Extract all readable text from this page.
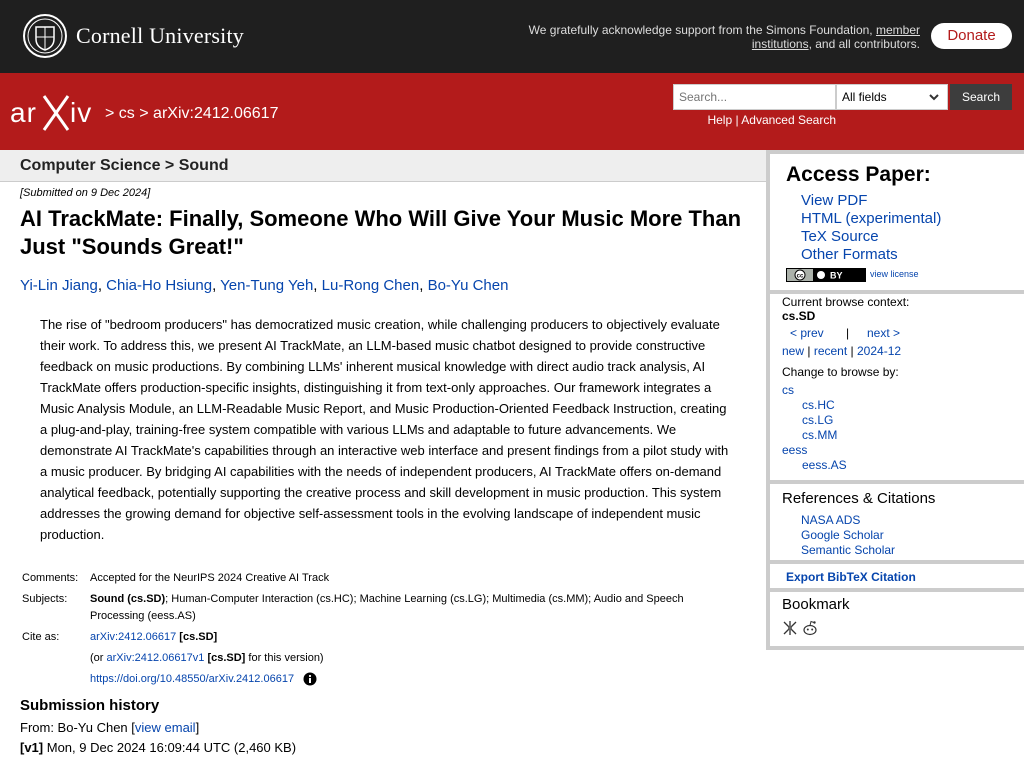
Cornell University	We gratefully acknowledge support from the Simons Foundation, member institutions, and all contributors.	Donate
ar iv > cs > arXiv:2412.06617
Search...
All fields	Search
Help | Advanced Search
Computer Science > Sound
[Submitted on 9 Dec 2024]
AI TrackMate: Finally, Someone Who Will Give Your Music More Than Just "Sounds Great!"
Yi-Lin Jiang, Chia-Ho Hsiung, Yen-Tung Yeh, Lu-Rong Chen, Bo-Yu Chen
The rise of "bedroom producers" has democratized music creation, while challenging producers to objectively evaluate their work. To address this, we present AI TrackMate, an LLM-based music chatbot designed to provide constructive feedback on music productions. By combining LLMs' inherent musical knowledge with direct audio track analysis, AI TrackMate offers production-specific insights, distinguishing it from text-only approaches. Our framework integrates a Music Analysis Module, an LLM-Readable Music Report, and Music Production-Oriented Feedback Instruction, creating a plug-and-play, training-free system compatible with various LLMs and adaptable to future advancements. We demonstrate AI TrackMate's capabilities through an interactive web interface and present findings from a pilot study with a music producer. By bridging AI capabilities with the needs of independent producers, AI TrackMate offers on-demand analytical feedback, potentially supporting the creative process and skill development in music production. This system addresses the growing demand for objective self-assessment tools in the evolving landscape of independent music production.
Comments:	Accepted for the NeurIPS 2024 Creative AI Track
Subjects:	Sound (cs.SD); Human-Computer Interaction (cs.HC); Machine Learning (cs.LG); Multimedia (cs.MM); Audio and Speech Processing (eess.AS)
Cite as:	arXiv:2412.06617 [cs.SD]
	(or arXiv:2412.06617v1 [cs.SD] for this version)
	https://doi.org/10.48550/arXiv.2412.06617
Submission history
From: Bo-Yu Chen [view email]
[v1] Mon, 9 Dec 2024 16:09:44 UTC (2,460 KB)
Access Paper:
View PDF
HTML (experimental)
TeX Source
Other Formats
cc	BY	view license
Current browse context:
cs.SD
< prev | next >
new | recent | 2024-12
Change to browse by:
cs
cs.HC
cs.LG
cs.MM
eess
eess.AS
References & Citations
NASA ADS
Google Scholar
Semantic Scholar
Export BibTeX Citation
Bookmark
